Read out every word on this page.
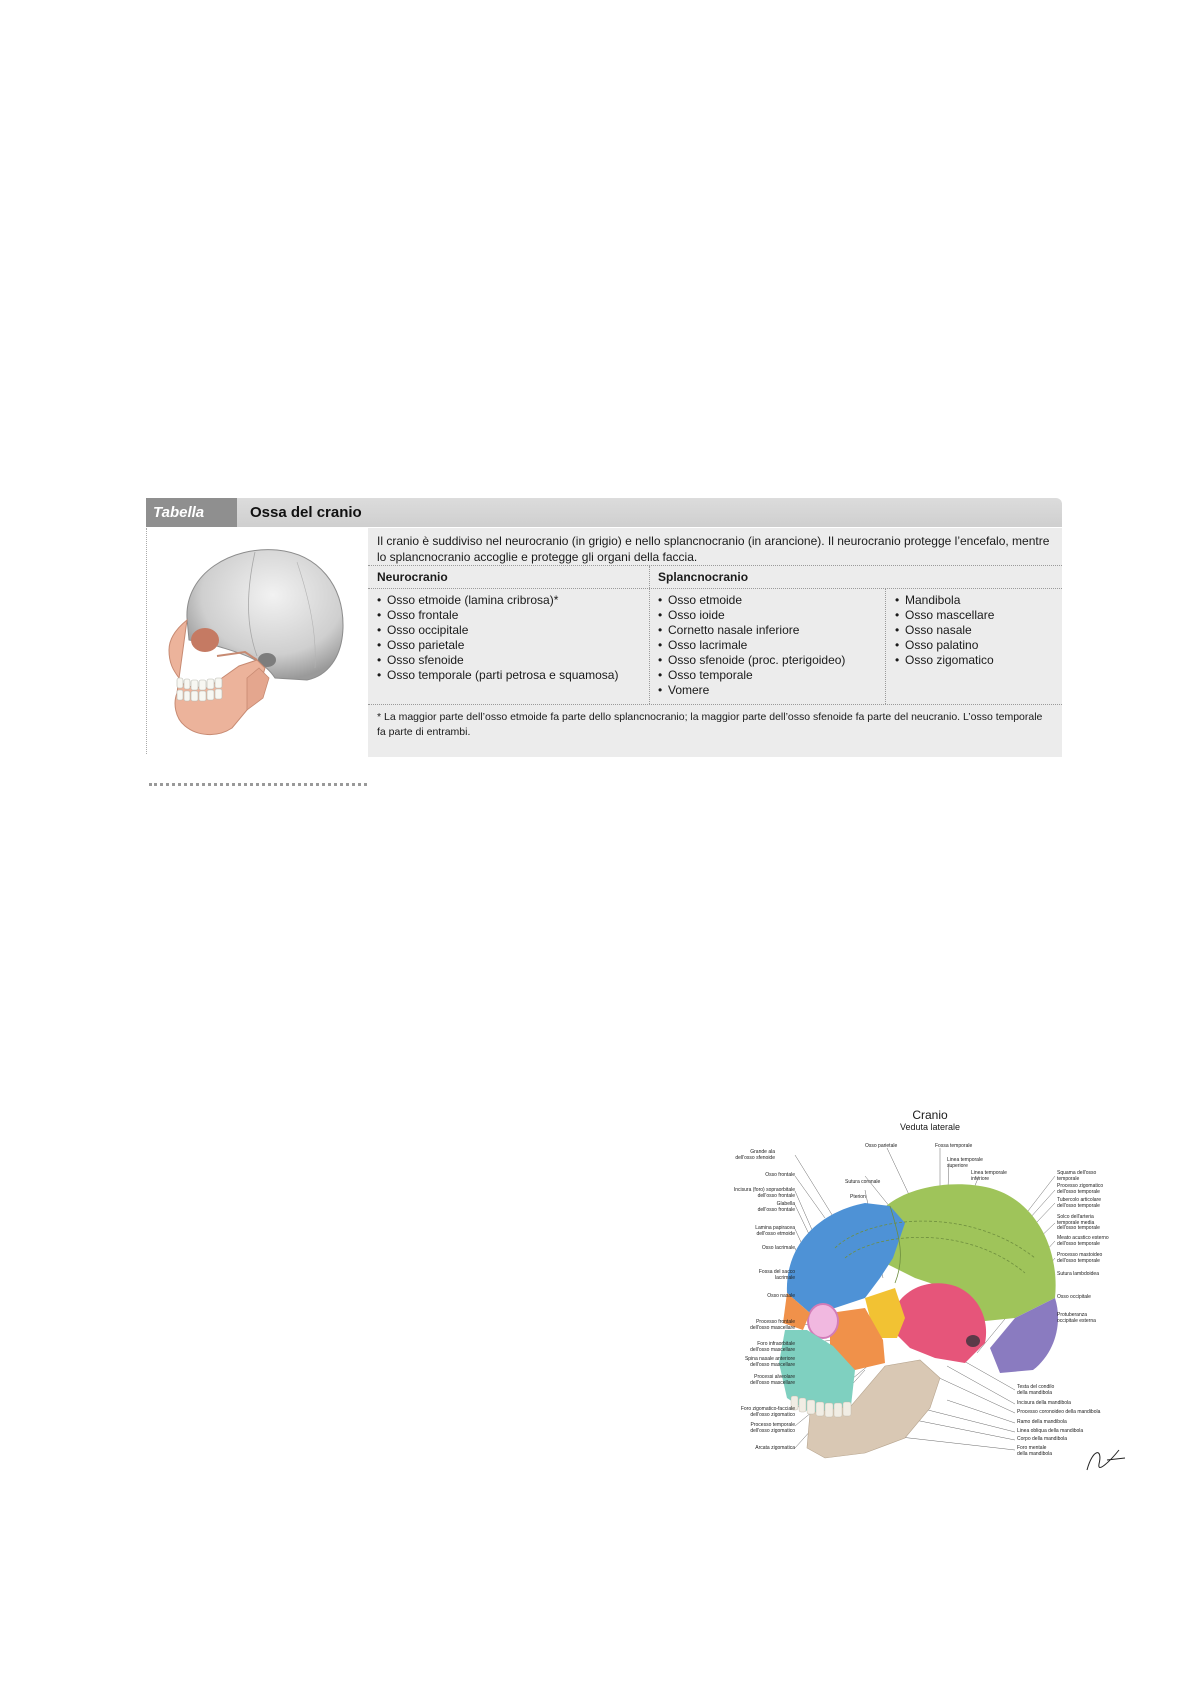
Tabella	Ossa del cranio
Il cranio è suddiviso nel neurocranio (in grigio) e nello splancnocranio (in arancione). Il neurocranio protegge l’encefalo, mentre lo splancnocranio accoglie e protegge gli organi della faccia.
Neurocranio	Splancnocranio
• Osso etmoide (lamina cribrosa)*
• Osso frontale
• Osso occipitale
• Osso parietale
• Osso sfenoide
• Osso temporale (parti petrosa e squamosa)
• Osso etmoide
• Osso ioide
• Cornetto nasale inferiore
• Osso lacrimale
• Osso sfenoide (proc. pterigoideo)
• Osso temporale
• Vomere
• Mandibola
• Osso mascellare
• Osso nasale
• Osso palatino
• Osso zigomatico
* La maggior parte dell’osso etmoide fa parte dello splancnocranio; la maggior parte dell’osso sfenoide fa parte del neucranio. L’osso temporale fa parte di entrambi.
Cranio
Veduta laterale
Grande ala
dell'osso sfenoide
Osso frontale
Incisura (foro) sopraorbitale
dell'osso frontale
Glabella
dell'osso frontale
Lamina papiracea
dell'osso etmoide
Osso lacrimale
Fossa del sacco
lacrimale
Osso nasale
Processo frontale
dell'osso mascellare
Foro infraorbitale
dell'osso mascellare
Spina nasale anteriore
dell'osso mascellare
Processi alveolare
dell'osso mascellare
Foro zigomatico-facciale
dell'osso zigomatico
Processo temporale
dell'osso zigomatico
Arcata zigomatica
Osso parietale	Fossa temporale
Sutura coronale
Pterion
Linea temporale
superiore
Linea temporale
inferiore
Squama dell'osso
temporale
Processo zigomatico
dell'osso temporale
Tubercolo articolare
dell'osso temporale
Solco dell'arteria
temporale media
dell'osso temporale
Meato acustico esterno
dell'osso temporale
Processo mastoideo
dell'osso temporale
Sutura lambdoidea
Osso occipitale
Protuberanza
occipitale esterna
Testa del condilo
della mandibola
Incisura della mandibola
Processo coronoideo della mandibola
Ramo della mandibola
Linea obliqua della mandibola
Corpo della mandibola
Foro mentale
della mandibola
